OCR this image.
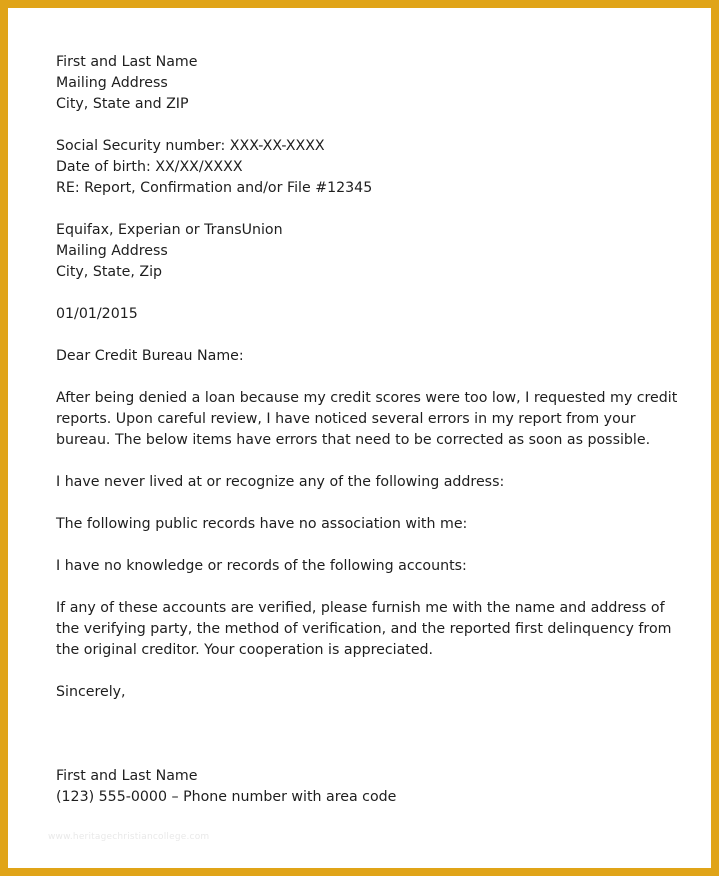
First and Last Name
Mailing Address
City, State and ZIP
Social Security number: XXX-XX-XXXX
Date of birth: XX/XX/XXXX
RE: Report, Confirmation and/or File #12345
Equifax, Experian or TransUnion
Mailing Address
City, State, Zip
01/01/2015
Dear Credit Bureau Name:
After being denied a loan because my credit scores were too low, I requested my credit
reports. Upon careful review, I have noticed several errors in my report from your
bureau. The below items have errors that need to be corrected as soon as possible.
I have never lived at or recognize any of the following address:
The following public records have no association with me:
I have no knowledge or records of the following accounts:
If any of these accounts are verified, please furnish me with the name and address of
the verifying party, the method of verification, and the reported first delinquency from
the original creditor. Your cooperation is appreciated.
Sincerely,
First and Last Name
(123) 555-0000 – Phone number with area code
www.heritagechristiancollege.com
